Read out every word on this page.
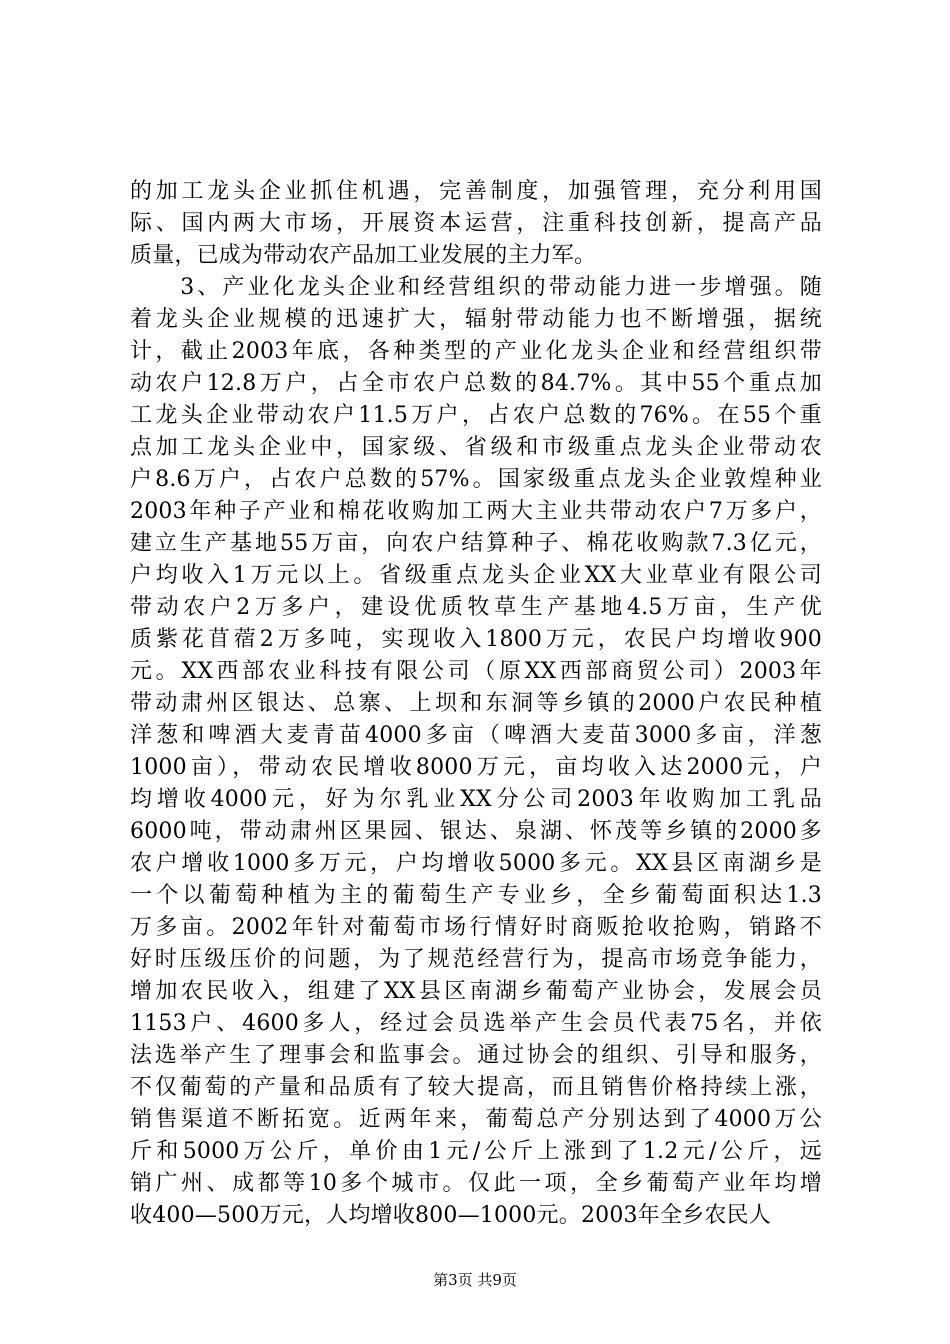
的加工龙头企业抓住机遇，完善制度，加强管理，充分利用国
际、国内两大市场，开展资本运营，注重科技创新，提高产品
质量，已成为带动农产品加工业发展的主力军。
　　3、产业化龙头企业和经营组织的带动能力进一步增强。随
着龙头企业规模的迅速扩大，辐射带动能力也不断增强，据统
计，截止2003年底，各种类型的产业化龙头企业和经营组织带
动农户12.8万户，占全市农户总数的84.7%。其中55个重点加
工龙头企业带动农户11.5万户，占农户总数的76%。在55个重
点加工龙头企业中，国家级、省级和市级重点龙头企业带动农
户8.6万户，占农户总数的57%。国家级重点龙头企业敦煌种业
2003年种子产业和棉花收购加工两大主业共带动农户7万多户，
建立生产基地55万亩，向农户结算种子、棉花收购款7.3亿元，
户均收入1万元以上。省级重点龙头企业XX大业草业有限公司
带动农户2万多户，建设优质牧草生产基地4.5万亩，生产优
质紫花苜蓿2万多吨，实现收入1800万元，农民户均增收900
元。XX西部农业科技有限公司（原XX西部商贸公司）2003年
带动肃州区银达、总寨、上坝和东洞等乡镇的2000户农民种植
洋葱和啤酒大麦青苗4000多亩（啤酒大麦苗3000多亩，洋葱
1000亩），带动农民增收8000万元，亩均收入达2000元，户
均增收4000元，好为尔乳业XX分公司2003年收购加工乳品
6000吨，带动肃州区果园、银达、泉湖、怀茂等乡镇的2000多
农户增收1000多万元，户均增收5000多元。XX县区南湖乡是
一个以葡萄种植为主的葡萄生产专业乡，全乡葡萄面积达1.3
万多亩。2002年针对葡萄市场行情好时商贩抢收抢购，销路不
好时压级压价的问题，为了规范经营行为，提高市场竞争能力，
增加农民收入，组建了XX县区南湖乡葡萄产业协会，发展会员
1153户、4600多人，经过会员选举产生会员代表75名，并依
法选举产生了理事会和监事会。通过协会的组织、引导和服务，
不仅葡萄的产量和品质有了较大提高，而且销售价格持续上涨，
销售渠道不断拓宽。近两年来，葡萄总产分别达到了4000万公
斤和5000万公斤，单价由1元/公斤上涨到了1.2元/公斤，远
销广州、成都等10多个城市。仅此一项，全乡葡萄产业年均增
收400—500万元，人均增收800—1000元。2003年全乡农民人
第3页 共9页
